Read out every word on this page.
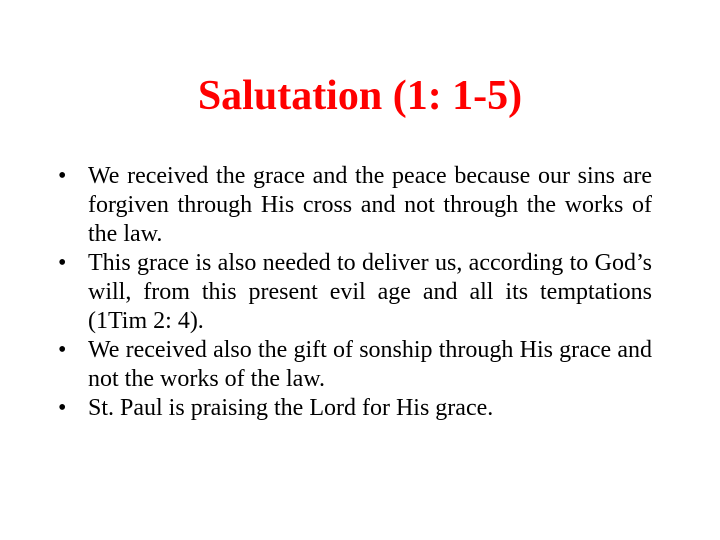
Salutation (1: 1-5)
• We received the grace and the peace because our sins are forgiven through His cross and not through the works of the law.
• This grace is also needed to deliver us, according to God’s will, from this present evil age and all its temptations (1Tim 2: 4).
• We received also the gift of sonship through His grace and not the works of the law.
• St. Paul is praising the Lord for His grace.
